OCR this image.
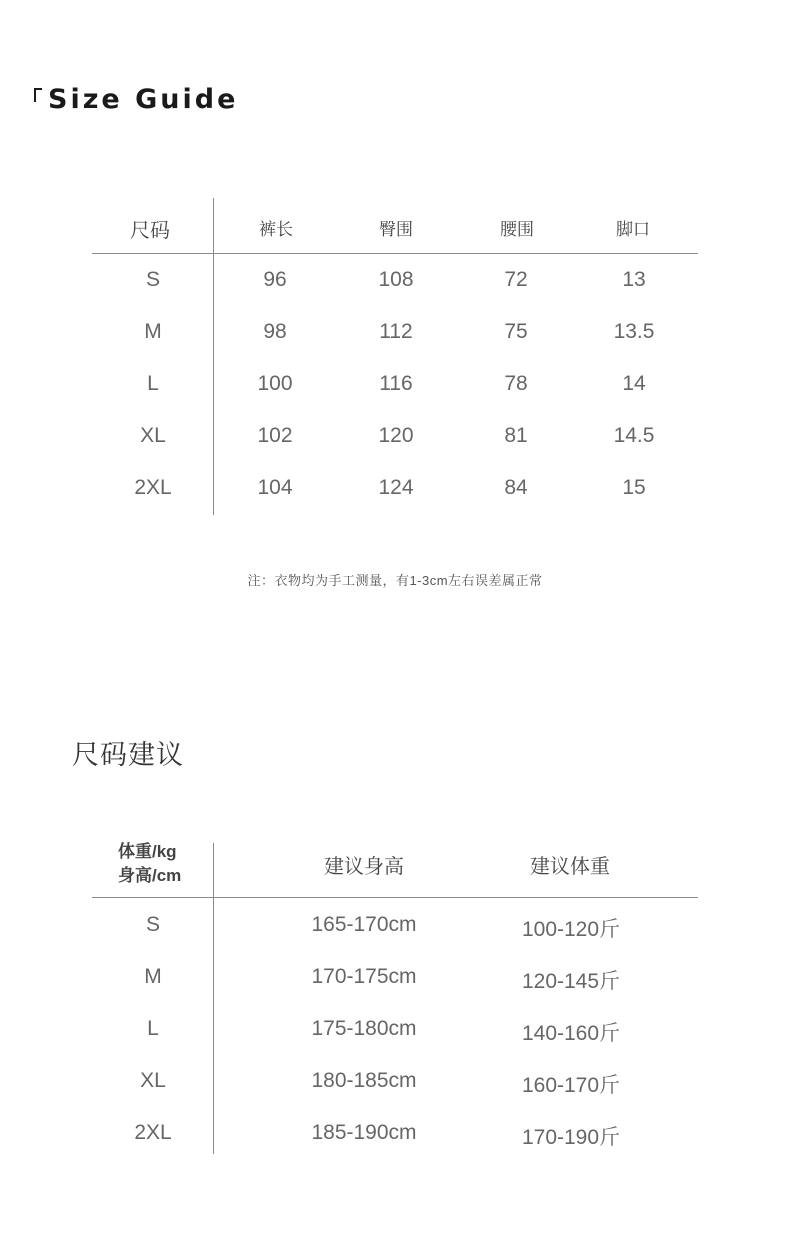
Size Guide
尺码	裤长	臀围	腰围	脚口
S	96	108	72	13
M	98	112	75	13.5
L	100	116	78	14
XL	102	120	81	14.5
2XL	104	124	84	15
注：衣物均为手工测量，有1-3cm左右误差属正常
尺码建议
体重/kg
身高/cm	建议身高	建议体重
S	165-170cm	100-120斤
M	170-175cm	120-145斤
L	175-180cm	140-160斤
XL	180-185cm	160-170斤
2XL	185-190cm	170-190斤
